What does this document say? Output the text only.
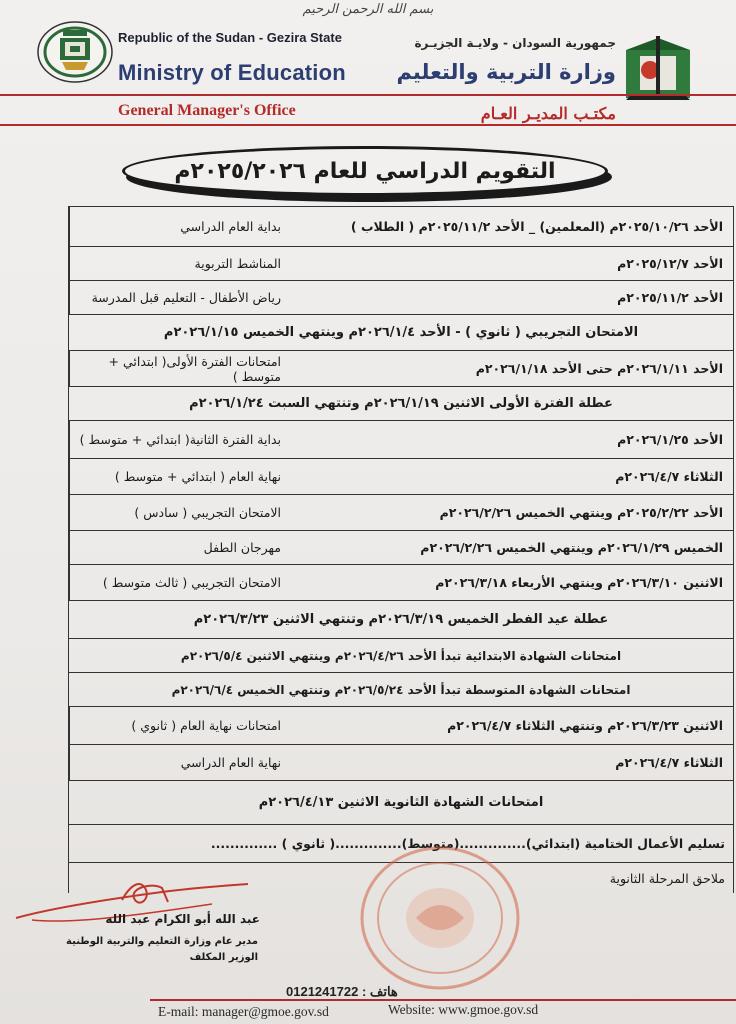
بسم الله الرحمن الرحيم
Republic of the Sudan - Gezira State
Ministry of Education
جمهورية السودان - ولايـة الجزيـرة
وزارة التربية والتعليم
General Manager's Office	مكتـب المديـر العـام
التقويم الدراسي للعام ٢٠٢٥/٢٠٢٦م
بداية العام الدراسي	الأحد ٢٠٢٥/١٠/٢٦م (المعلمين) _ الأحد ٢٠٢٥/١١/٢م ( الطلاب )
المناشط التربوية	الأحد ٢٠٢٥/١٢/٧م
رياض الأطفال - التعليم قبل المدرسة	الأحد ٢٠٢٥/١١/٢م
الامتحان التجريبي ( ثانوي ) - الأحد ٢٠٢٦/١/٤م وينتهي الخميس ٢٠٢٦/١/١٥م
امتحانات الفترة الأولى( ابتدائي + متوسط )	الأحد ٢٠٢٦/١/١١م حتى الأحد ٢٠٢٦/١/١٨م
عطلة الفترة الأولى الاثنين ٢٠٢٦/١/١٩م وتنتهي السبت ٢٠٢٦/١/٢٤م
بداية الفترة الثانية( ابتدائي + متوسط )	الأحد ٢٠٢٦/١/٢٥م
نهاية العام ( ابتدائي + متوسط )	الثلاثاء ٢٠٢٦/٤/٧م
الامتحان التجريبي ( سادس )	الأحد ٢٠٢٥/٢/٢٢م وينتهي الخميس ٢٠٢٦/٢/٢٦م
مهرجان الطفل	الخميس ٢٠٢٦/١/٢٩م وينتهي الخميس ٢٠٢٦/٢/٢٦م
الامتحان التجريبي ( ثالث متوسط )	الاثنين ٢٠٢٦/٣/١٠م وينتهي الأربعاء ٢٠٢٦/٣/١٨م
عطلة عيد الفطر الخميس ٢٠٢٦/٣/١٩م وتنتهي الاثنين ٢٠٢٦/٣/٢٣م
امتحانات الشهادة الابتدائية تبدأ الأحد ٢٠٢٦/٤/٢٦م وينتهي الاثنين ٢٠٢٦/٥/٤م
امتحانات الشهادة المتوسطة تبدأ الأحد ٢٠٢٦/٥/٢٤م وتنتهي الخميس ٢٠٢٦/٦/٤م
امتحانات نهاية العام ( ثانوي )	الاثنين ٢٠٢٦/٣/٢٣م وتنتهي الثلاثاء ٢٠٢٦/٤/٧م
نهاية العام الدراسي	الثلاثاء ٢٠٢٦/٤/٧م
امتحانات الشهادة الثانوية الاثنين ٢٠٢٦/٤/١٣م
تسليم الأعمال الختامية (ابتدائي)..............(متوسط)..............( ثانوي ) ..............
ملاحق المرحلة الثانوية
عبد الله أبو الكرام عبد الله
مدير عام وزارة التعليم والتربية الوطنية
الوزير المكلف
هاتف : 0121241722
E-mail: manager@gmoe.gov.sd	Website: www.gmoe.gov.sd
